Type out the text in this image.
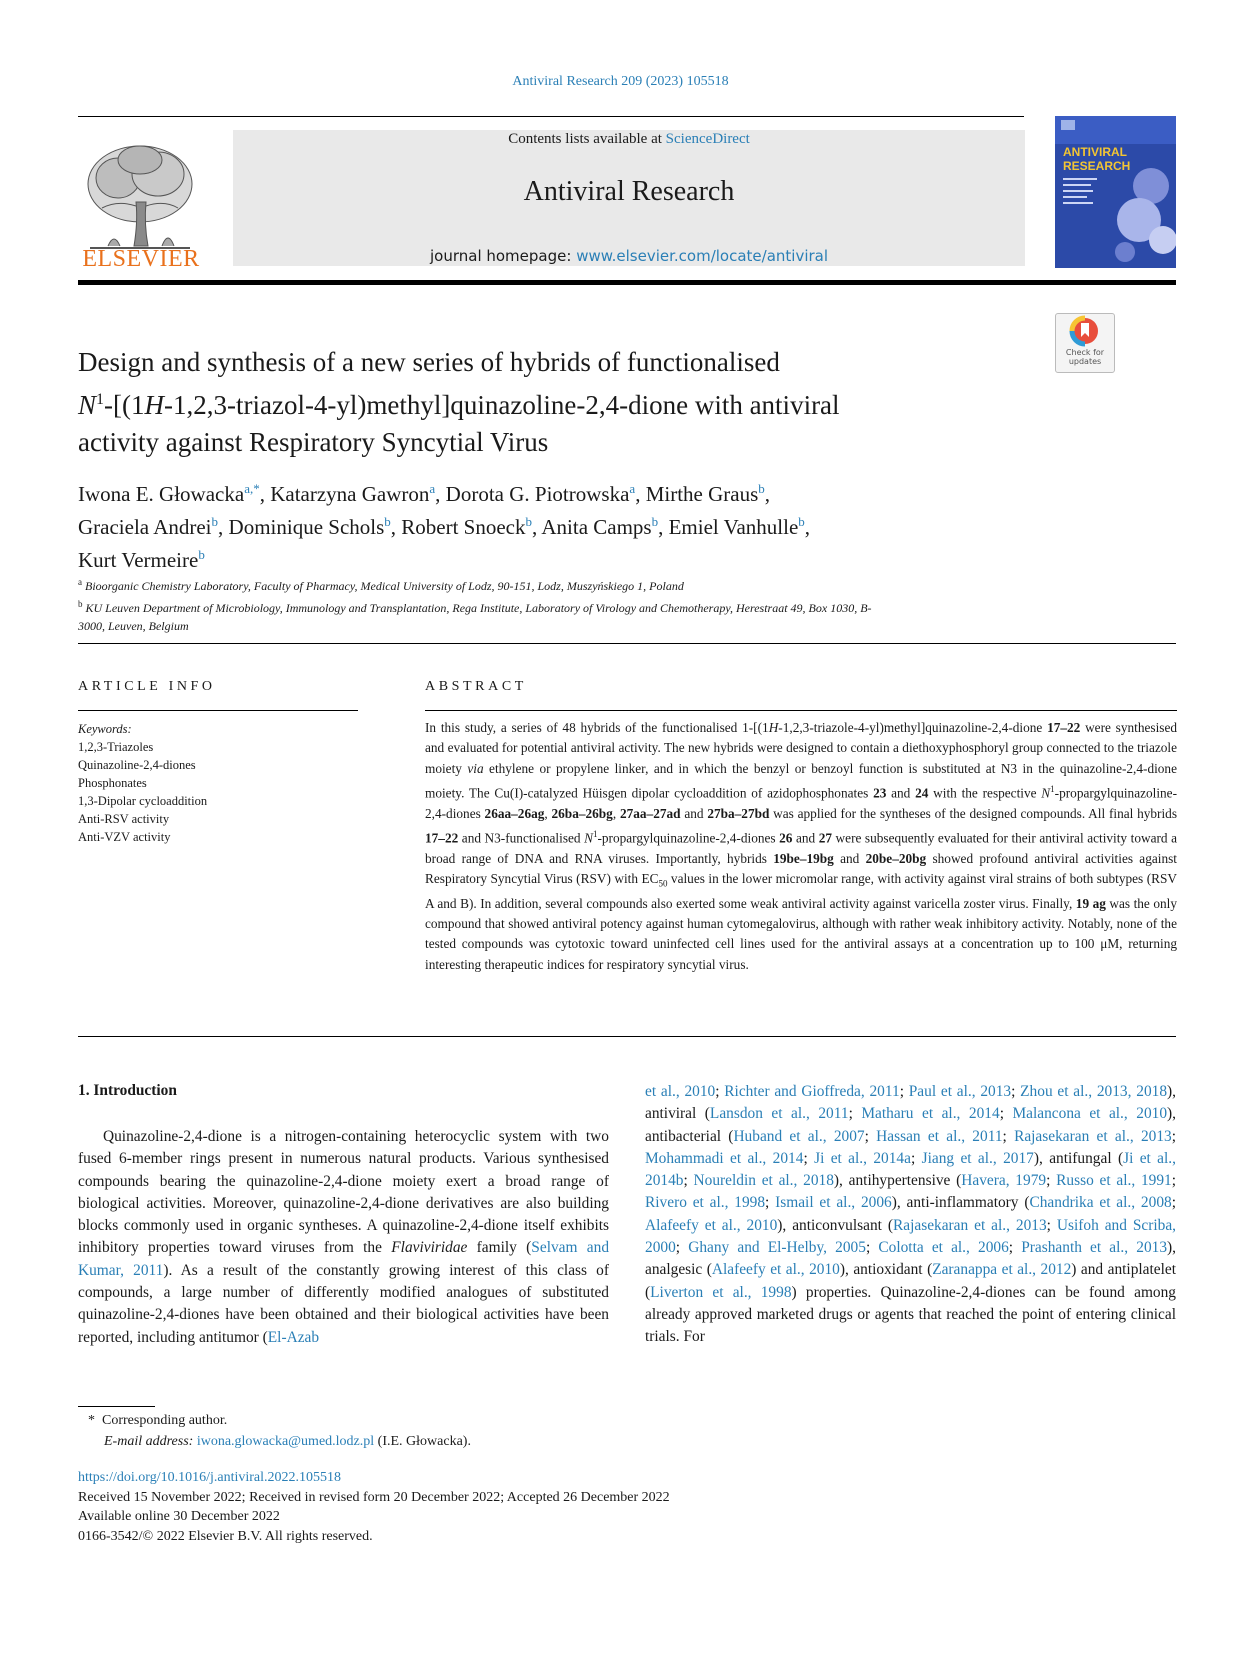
Antiviral Research 209 (2023) 105518
Contents lists available at ScienceDirect
Antiviral Research
journal homepage: www.elsevier.com/locate/antiviral
ELSEVIER
ANTIVIRAL
RESEARCH
Check for
updates
Design and synthesis of a new series of hybrids of functionalised
$N^1-[(1H-1,2,3-triazol-4-yl)methyl]quinazoline-2,4$-dione with antiviral
activity against Respiratory Syncytial Virus
Iwona E. Głowacka$^{a,*}$, Katarzyna Gawron$^a$, Dorota G. Piotrowska$^a$, Mirthe Graus$^b$,
Graciela Andrei$^b$, Dominique Schols$^b$, Robert Snoeck$^b$, Anita Camps$^b$, Emiel Vanhulle$^b$,
Kurt Vermeire$^b$
$^a$ Bioorganic Chemistry Laboratory, Faculty of Pharmacy, Medical University of Lodz, 90-151, Lodz, Muszyńskiego 1, Poland
$^b$ KU Leuven Department of Microbiology, Immunology and Transplantation, Rega Institute, Laboratory of Virology and Chemotherapy, Herestraat 49, Box 1030, B-
3000, Leuven, Belgium
ARTICLE INFO	ABSTRACT
Keywords:
1,2,3-Triazoles
Quinazoline-2,4-diones
Phosphonates
1,3-Dipolar cycloaddition
Anti-RSV activity
Anti-VZV activity
In this study, a series of 48 hybrids of the functionalised 1-[(1H-1,2,3-triazole-4-yl)methyl]quinazoline-2,4-dione 17–22 were synthesised and evaluated for potential antiviral activity. The new hybrids were designed to contain a diethoxyphosphoryl group connected to the triazole moiety via ethylene or propylene linker, and in which the benzyl or benzoyl function is substituted at N3 in the quinazoline-2,4-dione moiety. The Cu(I)-catalyzed Hüisgen dipolar cycloaddition of azidophosphonates 23 and 24 with the respective $N^1-propargylquinazoline-2,4$-diones 26aa–26ag, 26ba–26bg, 27aa–27ad and 27ba–27bd was applied for the syntheses of the designed compounds. All final hybrids 17–22 and N3-functionalised $N^1-propargylquinazoline-2,4$-diones 26 and 27 were subsequently evaluated for their antiviral activity toward a broad range of DNA and RNA viruses. Importantly, hybrids 19be–19bg and 20be–20bg showed profound antiviral activities against Respiratory Syncytial Virus (RSV) with $EC_{50}$ values in the lower micromolar range, with activity against viral strains of both subtypes (RSV A and B). In addition, several compounds also exerted some weak antiviral activity against varicella zoster virus. Finally, 19 ag was the only compound that showed antiviral potency against human cytomegalovirus, although with rather weak inhibitory activity. Notably, none of the tested compounds was cytotoxic toward uninfected cell lines used for the antiviral assays at a concentration up to 100 μM, returning interesting therapeutic indices for respiratory syncytial virus.
1. Introduction

Quinazoline-2,4-dione is a nitrogen-containing heterocyclic system with two fused 6-member rings present in numerous natural products. Various synthesised compounds bearing the quinazoline-2,4-dione moiety exert a broad range of biological activities. Moreover, quinazoline-2,4-dione derivatives are also building blocks commonly used in organic syntheses. A quinazoline-2,4-dione itself exhibits inhibitory properties toward viruses from the Flaviviridae family (Selvam and Kumar, 2011). As a result of the constantly growing interest of this class of compounds, a large number of differently modified analogues of substituted quinazoline-2,4-diones have been obtained and their biological activities have been reported, including antitumor (El-Azab

et al., 2010; Richter and Gioffreda, 2011; Paul et al., 2013; Zhou et al., 2013, 2018), antiviral (Lansdon et al., 2011; Matharu et al., 2014; Malancona et al., 2010), antibacterial (Huband et al., 2007; Hassan et al., 2011; Rajasekaran et al., 2013; Mohammadi et al., 2014; Ji et al., 2014a; Jiang et al., 2017), antifungal (Ji et al., 2014b; Noureldin et al., 2018), antihypertensive (Havera, 1979; Russo et al., 1991; Rivero et al., 1998; Ismail et al., 2006), anti-inflammatory (Chandrika et al., 2008; Alafeefy et al., 2010), anticonvulsant (Rajasekaran et al., 2013; Usifoh and Scriba, 2000; Ghany and El-Helby, 2005; Colotta et al., 2006; Prashanth et al., 2013), analgesic (Alafeefy et al., 2010), antioxidant (Zaranappa et al., 2012) and antiplatelet (Liverton et al., 1998) properties. Quinazoline-2,4-diones can be found among already approved marketed drugs or agents that reached the point of entering clinical trials. For
* Corresponding author.
E-mail address: iwona.glowacka@umed.lodz.pl (I.E. Głowacka).
https://doi.org/10.1016/j.antiviral.2022.105518
Received 15 November 2022; Received in revised form 20 December 2022; Accepted 26 December 2022
Available online 30 December 2022
0166-3542/© 2022 Elsevier B.V. All rights reserved.
